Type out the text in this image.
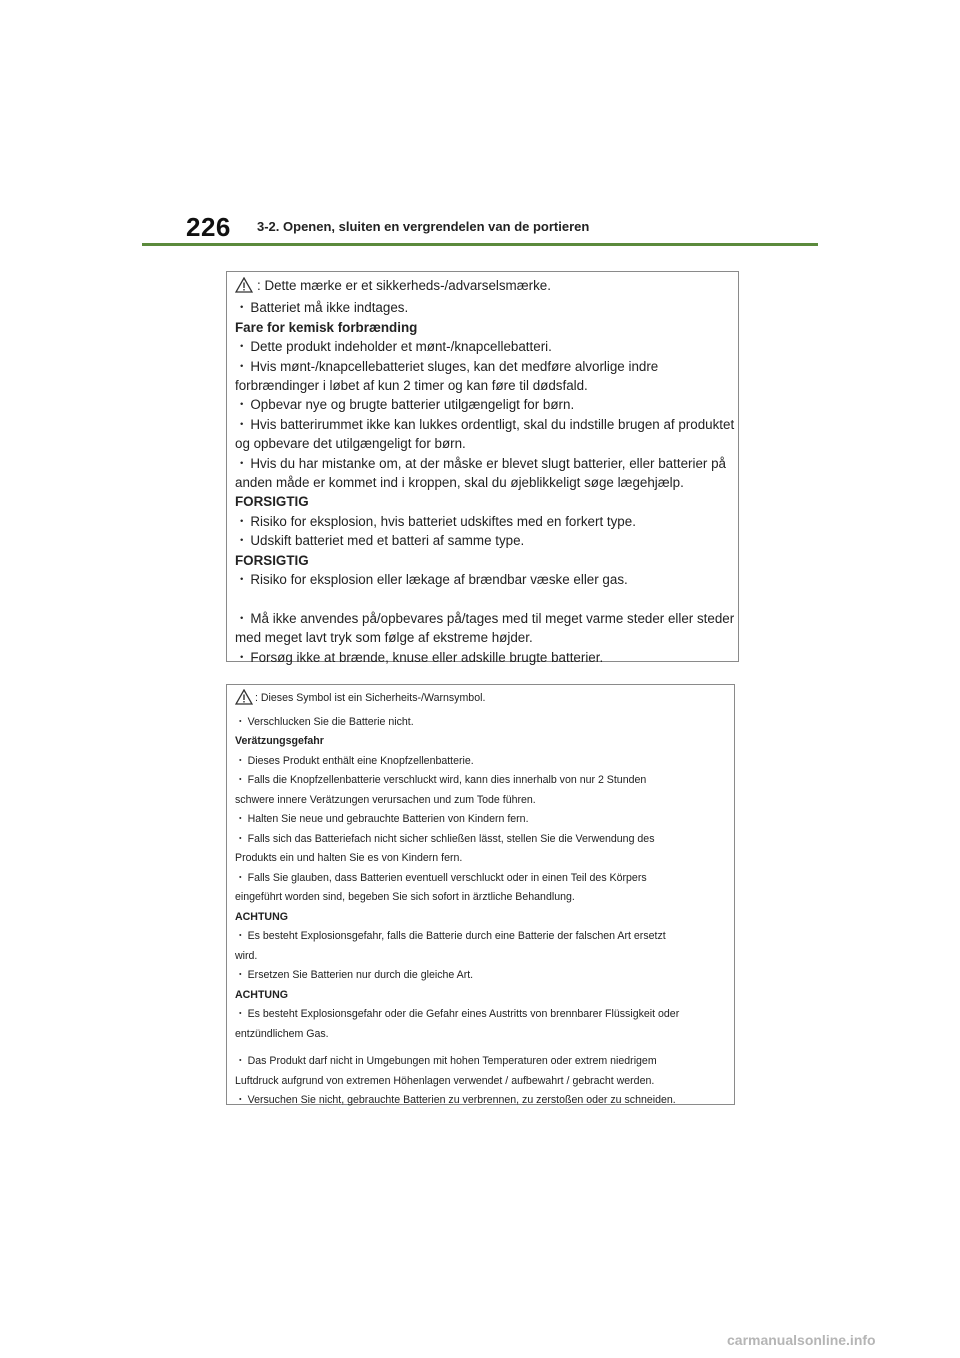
226 3-2. Openen, sluiten en vergrendelen van de portieren
: Dette mærke er et sikkerheds-/advarselsmærke.
・ Batteriet må ikke indtages.
Fare for kemisk forbrænding
・ Dette produkt indeholder et mønt-/knapcellebatteri.
・ Hvis mønt-/knapcellebatteriet sluges, kan det medføre alvorlige indre
forbrændinger i løbet af kun 2 timer og kan føre til dødsfald.
・ Opbevar nye og brugte batterier utilgængeligt for børn.
・ Hvis batterirummet ikke kan lukkes ordentligt, skal du indstille brugen af produktet
og opbevare det utilgængeligt for børn.
・ Hvis du har mistanke om, at der måske er blevet slugt batterier, eller batterier på
anden måde er kommet ind i kroppen, skal du øjeblikkeligt søge lægehjælp.
FORSIGTIG
・ Risiko for eksplosion, hvis batteriet udskiftes med en forkert type.
・ Udskift batteriet med et batteri af samme type.
FORSIGTIG
・ Risiko for eksplosion eller lækage af brændbar væske eller gas.
・ Må ikke anvendes på/opbevares på/tages med til meget varme steder eller steder
med meget lavt tryk som følge af ekstreme højder.
・ Forsøg ikke at brænde, knuse eller adskille brugte batterier.
: Dieses Symbol ist ein Sicherheits-/Warnsymbol.
・ Verschlucken Sie die Batterie nicht.
Verätzungsgefahr
・ Dieses Produkt enthält eine Knopfzellenbatterie.
・ Falls die Knopfzellenbatterie verschluckt wird, kann dies innerhalb von nur 2 Stunden
schwere innere Verätzungen verursachen und zum Tode führen.
・ Halten Sie neue und gebrauchte Batterien von Kindern fern.
・ Falls sich das Batteriefach nicht sicher schließen lässt, stellen Sie die Verwendung des
Produkts ein und halten Sie es von Kindern fern.
・ Falls Sie glauben, dass Batterien eventuell verschluckt oder in einen Teil des Körpers
eingeführt worden sind, begeben Sie sich sofort in ärztliche Behandlung.
ACHTUNG
・ Es besteht Explosionsgefahr, falls die Batterie durch eine Batterie der falschen Art ersetzt
wird.
・ Ersetzen Sie Batterien nur durch die gleiche Art.
ACHTUNG
・ Es besteht Explosionsgefahr oder die Gefahr eines Austritts von brennbarer Flüssigkeit oder
entzündlichem Gas.
・ Das Produkt darf nicht in Umgebungen mit hohen Temperaturen oder extrem niedrigem
Luftdruck aufgrund von extremen Höhenlagen verwendet / aufbewahrt / gebracht werden.
・ Versuchen Sie nicht, gebrauchte Batterien zu verbrennen, zu zerstoßen oder zu schneiden.
carmanualsonline.info
